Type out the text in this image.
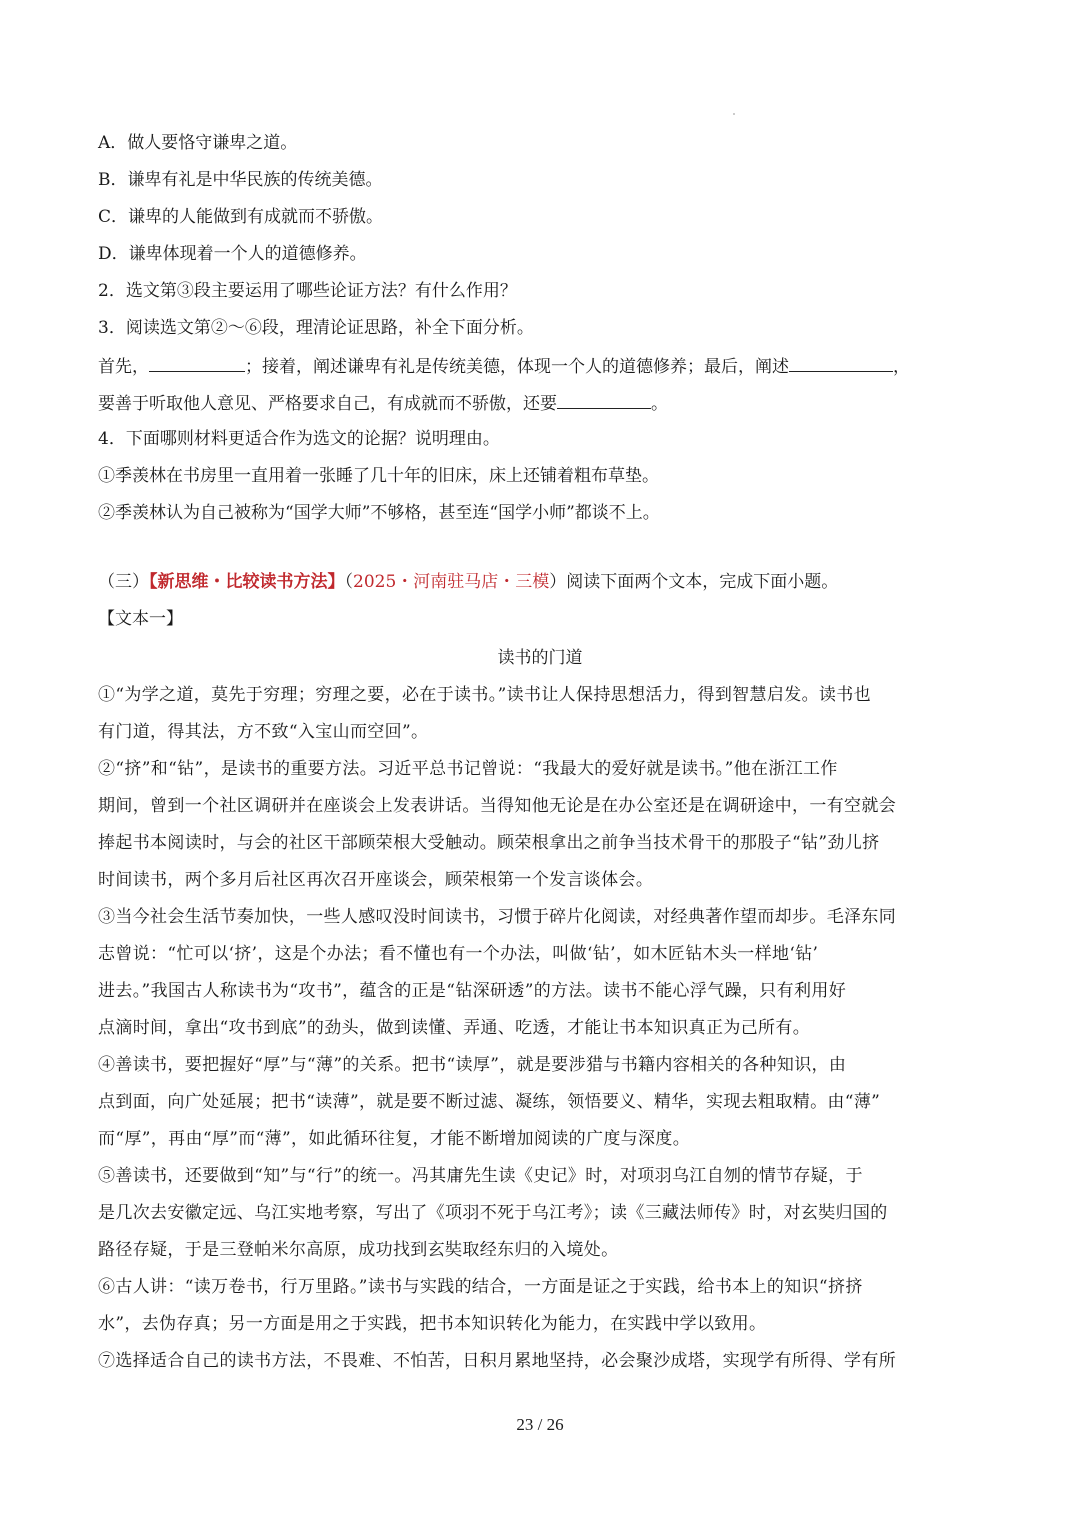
A．做人要恪守谦卑之道。
B．谦卑有礼是中华民族的传统美德。
C．谦卑的人能做到有成就而不骄傲。
D．谦卑体现着一个人的道德修养。
2．选文第③段主要运用了哪些论证方法？有什么作用？
3．阅读选文第②～⑥段，理清论证思路，补全下面分析。
首先，	；接着，阐述谦卑有礼是传统美德，体现一个人的道德修养；最后，阐述	，
要善于听取他人意见、严格要求自己，有成就而不骄傲，还要	。
4．下面哪则材料更适合作为选文的论据？说明理由。
①季羡林在书房里一直用着一张睡了几十年的旧床，床上还铺着粗布草垫。
②季羡林认为自己被称为“国学大师”不够格，甚至连“国学小师”都谈不上。
（三）【新思维・比较读书方法】（2025・河南驻马店・三模）阅读下面两个文本，完成下面小题。
【文本一】
读书的门道
①“为学之道，莫先于穷理；穷理之要，必在于读书。”读书让人保持思想活力，得到智慧启发。读书也
有门道，得其法，方不致“入宝山而空回”。
②“挤”和“钻”，是读书的重要方法。习近平总书记曾说：“我最大的爱好就是读书。”他在浙江工作
期间，曾到一个社区调研并在座谈会上发表讲话。当得知他无论是在办公室还是在调研途中，一有空就会
捧起书本阅读时，与会的社区干部顾荣根大受触动。顾荣根拿出之前争当技术骨干的那股子“钻”劲儿挤
时间读书，两个多月后社区再次召开座谈会，顾荣根第一个发言谈体会。
③当今社会生活节奏加快，一些人感叹没时间读书，习惯于碎片化阅读，对经典著作望而却步。毛泽东同
志曾说：“忙可以‘挤’，这是个办法；看不懂也有一个办法，叫做‘钻’，如木匠钻木头一样地‘钻’
进去。”我国古人称读书为“攻书”，蕴含的正是“钻深研透”的方法。读书不能心浮气躁，只有利用好
点滴时间，拿出“攻书到底”的劲头，做到读懂、弄通、吃透，才能让书本知识真正为己所有。
④善读书，要把握好“厚”与“薄”的关系。把书“读厚”，就是要涉猎与书籍内容相关的各种知识，由
点到面，向广处延展；把书“读薄”，就是要不断过滤、凝练，领悟要义、精华，实现去粗取精。由“薄”
而“厚”，再由“厚”而“薄”，如此循环往复，才能不断增加阅读的广度与深度。
⑤善读书，还要做到“知”与“行”的统一。冯其庸先生读《史记》时，对项羽乌江自刎的情节存疑，于
是几次去安徽定远、乌江实地考察，写出了《项羽不死于乌江考》；读《三藏法师传》时，对玄奘归国的
路径存疑，于是三登帕米尔高原，成功找到玄奘取经东归的入境处。
⑥古人讲：“读万卷书，行万里路。”读书与实践的结合，一方面是证之于实践，给书本上的知识“挤挤
水”，去伪存真；另一方面是用之于实践，把书本知识转化为能力，在实践中学以致用。
⑦选择适合自己的读书方法，不畏难、不怕苦，日积月累地坚持，必会聚沙成塔，实现学有所得、学有所
23 / 26
